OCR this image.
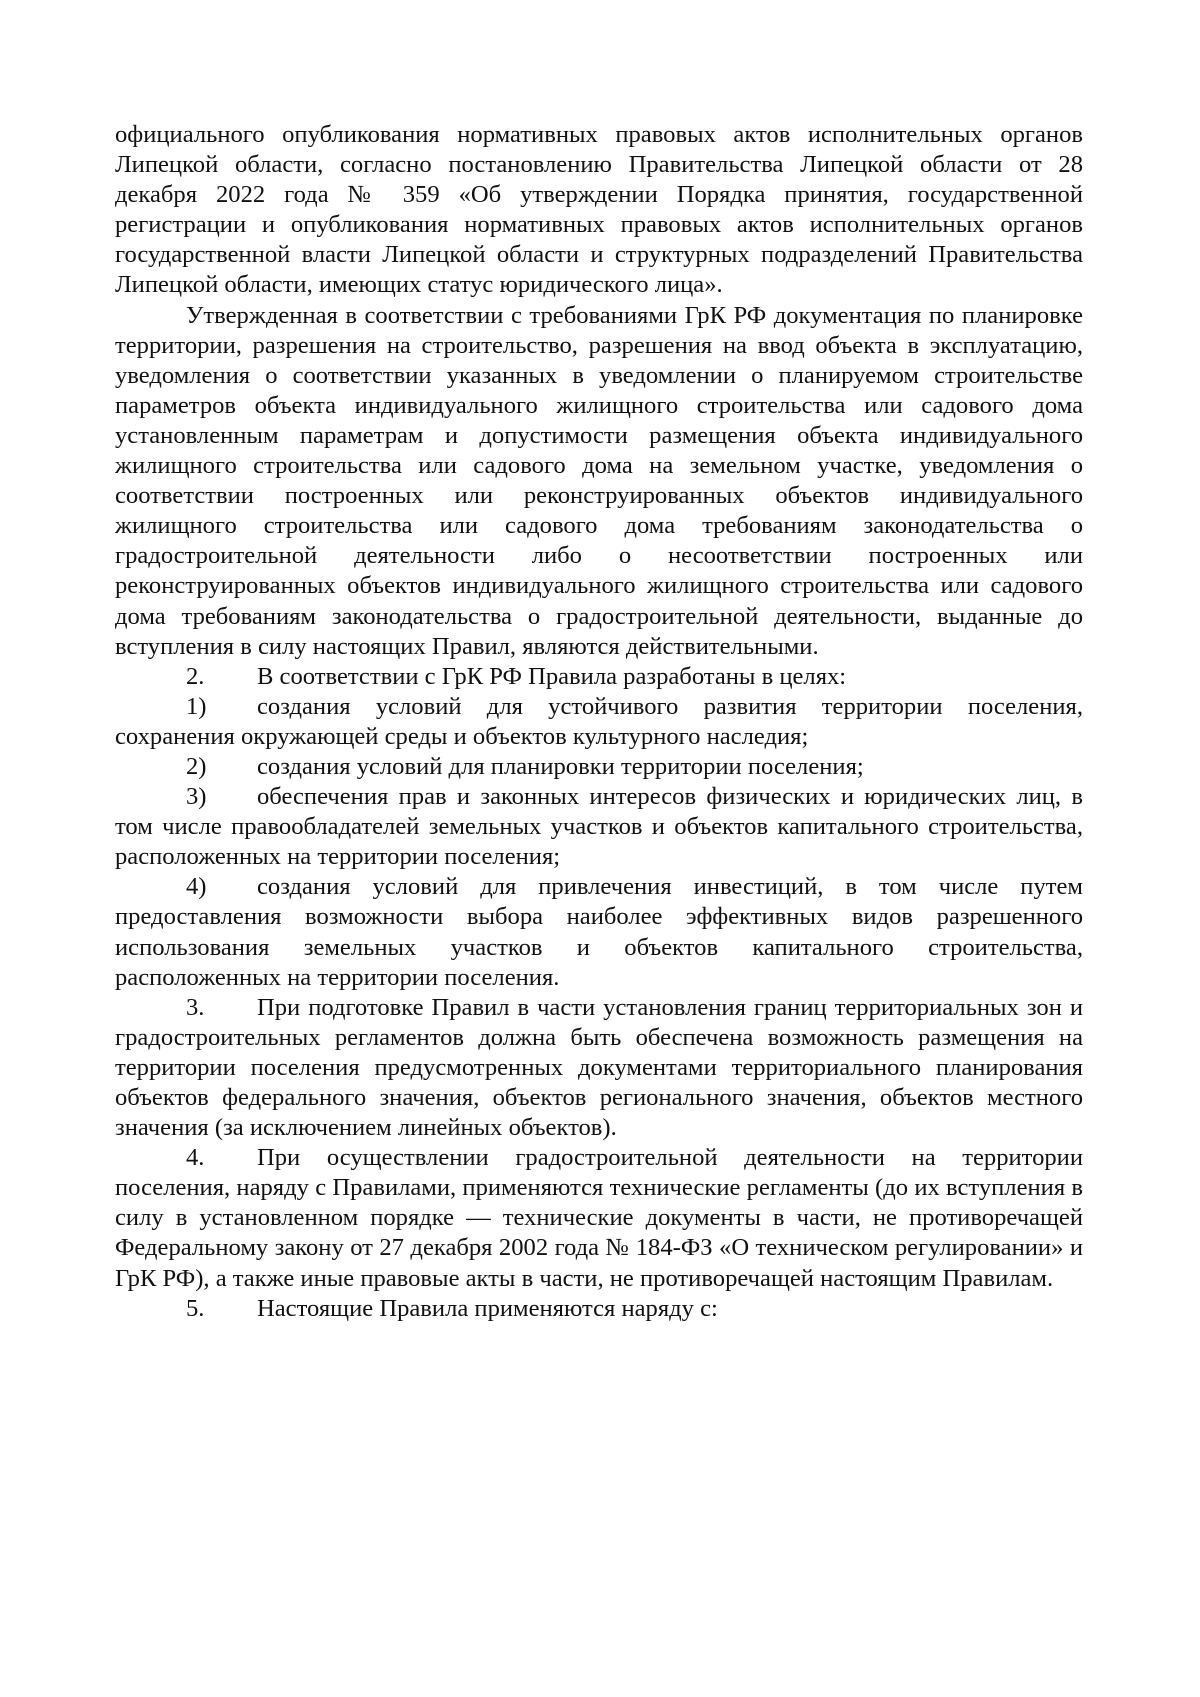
официального опубликования нормативных правовых актов исполнительных органов Липецкой области, согласно постановлению Правительства Липецкой области от 28 декабря 2022 года № 359 «Об утверждении Порядка принятия, государственной регистрации и опубликования нормативных правовых актов исполнительных органов государственной власти Липецкой области и структурных подразделений Правительства Липецкой области, имеющих статус юридического лица».

Утвержденная в соответствии с требованиями ГрК РФ документация по планировке территории, разрешения на строительство, разрешения на ввод объекта в эксплуатацию, уведомления о соответствии указанных в уведомлении о планируемом строительстве параметров объекта индивидуального жилищного строительства или садового дома установленным параметрам и допустимости размещения объекта индивидуального жилищного строительства или садового дома на земельном участке, уведомления о соответствии построенных или реконструированных объектов индивидуального жилищного строительства или садового дома требованиям законодательства о градостроительной деятельности либо о несоответствии построенных или реконструированных объектов индивидуального жилищного строительства или садового дома требованиям законодательства о градостроительной деятельности, выданные до вступления в силу настоящих Правил, являются действительными.

2. В соответствии с ГрК РФ Правила разработаны в целях:

1) создания условий для устойчивого развития территории поселения, сохранения окружающей среды и объектов культурного наследия;

2) создания условий для планировки территории поселения;

3) обеспечения прав и законных интересов физических и юридических лиц, в том числе правообладателей земельных участков и объектов капитального строительства, расположенных на территории поселения;

4) создания условий для привлечения инвестиций, в том числе путем предоставления возможности выбора наиболее эффективных видов разрешенного использования земельных участков и объектов капитального строительства, расположенных на территории поселения.

3. При подготовке Правил в части установления границ территориальных зон и градостроительных регламентов должна быть обеспечена возможность размещения на территории поселения предусмотренных документами территориального планирования объектов федерального значения, объектов регионального значения, объектов местного значения (за исключением линейных объектов).

4. При осуществлении градостроительной деятельности на территории поселения, наряду с Правилами, применяются технические регламенты (до их вступления в силу в установленном порядке — технические документы в части, не противоречащей Федеральному закону от 27 декабря 2002 года № 184-ФЗ «О техническом регулировании» и ГрК РФ), а также иные правовые акты в части, не противоречащей настоящим Правилам.

5. Настоящие Правила применяются наряду с:
